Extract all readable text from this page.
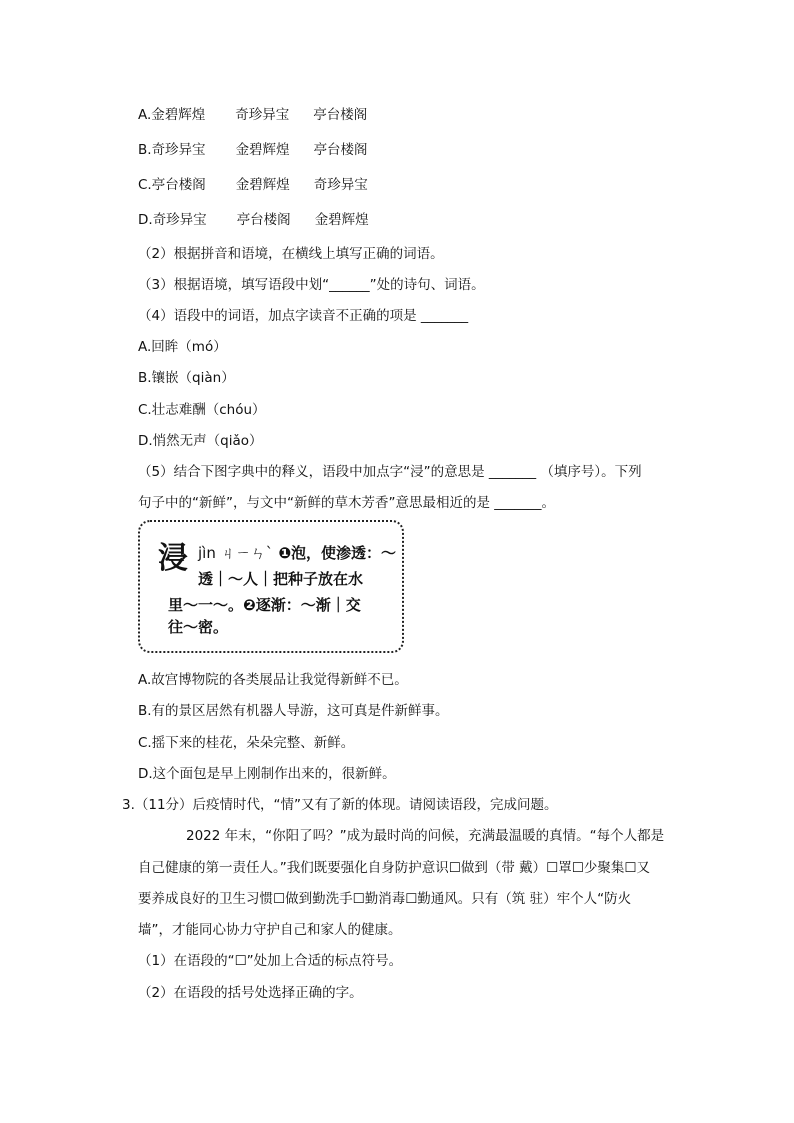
A.金碧辉煌 奇珍异宝 亭台楼阁
B.奇珍异宝 金碧辉煌 亭台楼阁
C.亭台楼阁 金碧辉煌 奇珍异宝
D.奇珍异宝 亭台楼阁 金碧辉煌
（2）根据拼音和语境，在横线上填写正确的词语。
（3）根据语境，填写语段中划“______”处的诗句、词语。
（4）语段中的词语，加点字读音不正确的项是 _______
A.回眸（mó）
B.镶嵌（qiàn）
C.壮志难酬（chóu）
D.悄然无声（qiǎo）
（5）结合下图字典中的释义，语段中加点字“浸”的意思是 _______ （填序号）。下列
句子中的“新鲜”，与文中“新鲜的草木芳香”意思最相近的是 _______。
浸 jìn ㄐㄧㄣˋ ❶泡，使渗透：～
透｜～人｜把种子放在水
里～一～。❷逐渐：～渐｜交
往～密。
A.故宫博物院的各类展品让我觉得新鲜不已。
B.有的景区居然有机器人导游，这可真是件新鲜事。
C.摇下来的桂花，朵朵完整、新鲜。
D.这个面包是早上刚制作出来的，很新鲜。
3.（11分）后疫情时代，“情”又有了新的体现。请阅读语段，完成问题。
2022 年末，“你阳了吗？”成为最时尚的问候，充满最温暖的真情。“每个人都是
自己健康的第一责任人。”我们既要强化自身防护意识☐做到（带 戴）☐罩☐少聚集☐又
要养成良好的卫生习惯☐做到勤洗手☐勤消毒☐勤通风。只有（筑 驻）牢个人“防火
墙”，才能同心协力守护自己和家人的健康。
（1）在语段的“☐”处加上合适的标点符号。
（2）在语段的括号处选择正确的字。
